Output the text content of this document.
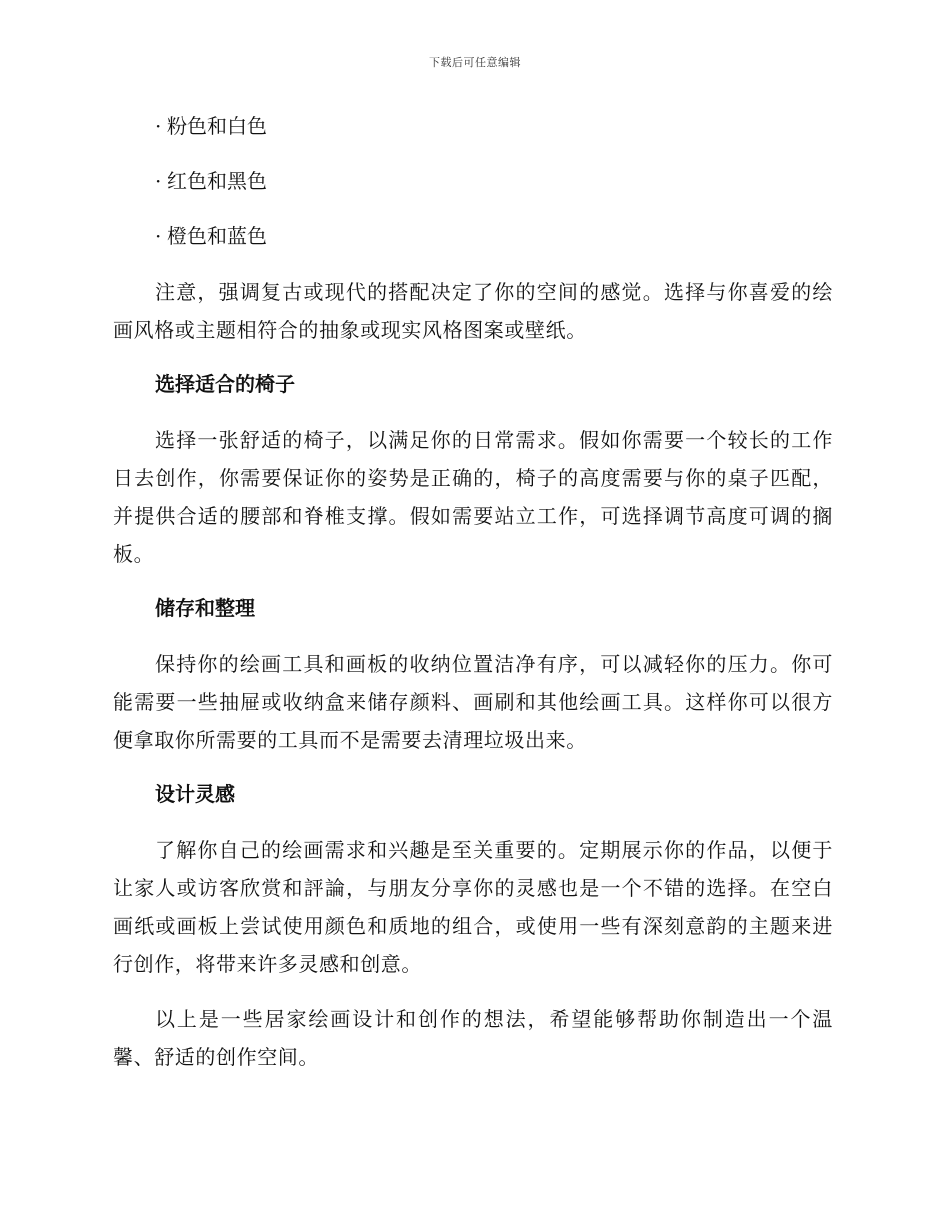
下载后可任意编辑
· 粉色和白色
· 红色和黑色
· 橙色和蓝色

注意，强调复古或现代的搭配决定了你的空间的感觉。选择与你喜爱的绘画风格或主题相符合的抽象或现实风格图案或壁纸。

选择适合的椅子

选择一张舒适的椅子，以满足你的日常需求。假如你需要一个较长的工作日去创作，你需要保证你的姿势是正确的，椅子的高度需要与你的桌子匹配，并提供合适的腰部和脊椎支撑。假如需要站立工作，可选择调节高度可调的搁板。

储存和整理

保持你的绘画工具和画板的收纳位置洁净有序，可以减轻你的压力。你可能需要一些抽屉或收纳盒来储存颜料、画刷和其他绘画工具。这样你可以很方便拿取你所需要的工具而不是需要去清理垃圾出来。

设计灵感

了解你自己的绘画需求和兴趣是至关重要的。定期展示你的作品，以便于让家人或访客欣赏和評論，与朋友分享你的灵感也是一个不错的选择。在空白画纸或画板上尝试使用颜色和质地的组合，或使用一些有深刻意韵的主题来进行创作，将带来许多灵感和创意。

以上是一些居家绘画设计和创作的想法，希望能够帮助你制造出一个温馨、舒适的创作空间。
